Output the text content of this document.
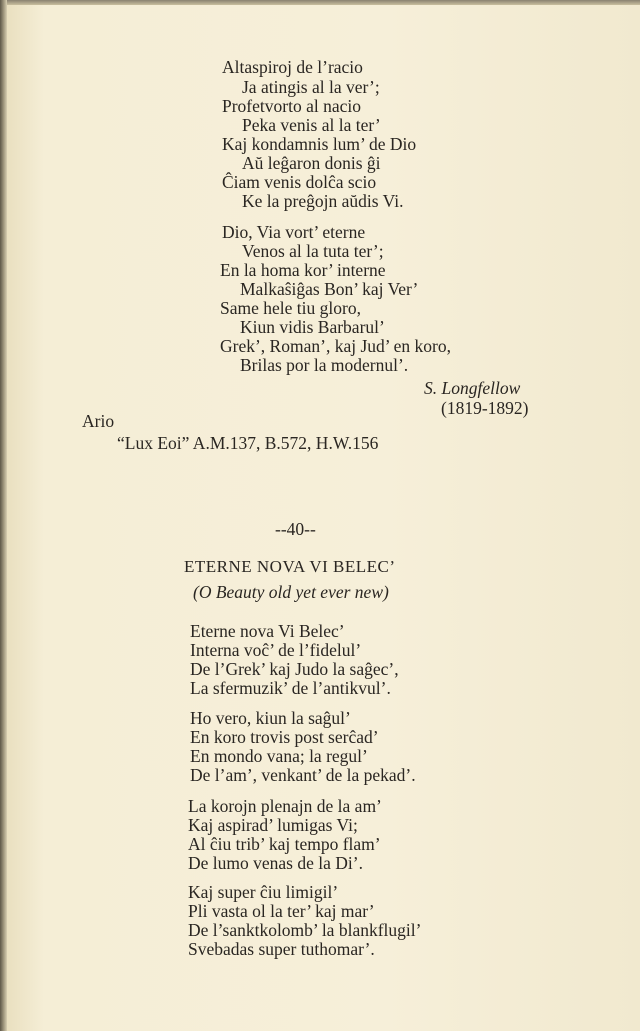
Altaspiroj de l’racio
Ja atingis al la ver’;
Profetvorto al nacio
Peka venis al la ter’
Kaj kondamnis lum’ de Dio
Aŭ leĝaron donis ĝi
Ĉiam venis dolĉa scio
Ke la preĝojn aŭdis Vi.
Dio, Via vort’ eterne
Venos al la tuta ter’;
En la homa kor’ interne
Malkaŝiĝas Bon’ kaj Ver’
Same hele tiu gloro,
Kiun vidis Barbarul’
Grek’, Roman’, kaj Jud’ en koro,
Brilas por la modernul’.
S. Longfellow
(1819-1892)
Ario
“Lux Eoi” A.M.137, B.572, H.W.156
--40--
ETERNE NOVA VI BELEC’
(O Beauty old yet ever new)
Eterne nova Vi Belec’
Interna voĉ’ de l’fidelul’
De l’Grek’ kaj Judo la saĝec’,
La sfermuzik’ de l’antikvul’.
Ho vero, kiun la saĝul’
En koro trovis post serĉad’
En mondo vana; la regul’
De l’am’, venkant’ de la pekad’.
La korojn plenajn de la am’
Kaj aspirad’ lumigas Vi;
Al ĉiu trib’ kaj tempo flam’
De lumo venas de la Di’.
Kaj super ĉiu limigil’
Pli vasta ol la ter’ kaj mar’
De l’sanktkolomb’ la blankflugil’
Svebadas super tuthomar’.
